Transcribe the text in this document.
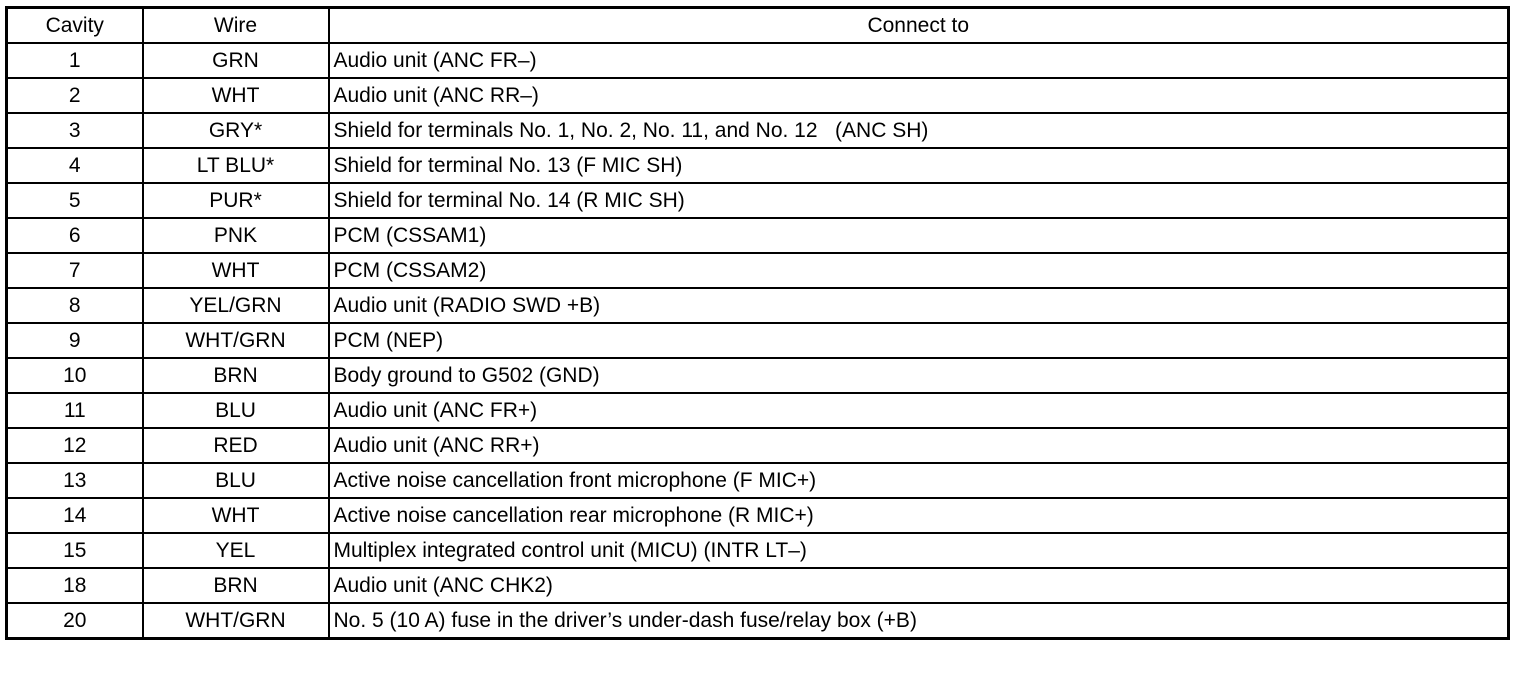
Cavity	Wire	Connect to
1	GRN	Audio unit (ANC FR–)
2	WHT	Audio unit (ANC RR–)
3	GRY*	Shield for terminals No. 1, No. 2, No. 11, and No. 12   (ANC SH)
4	LT BLU*	Shield for terminal No. 13 (F MIC SH)
5	PUR*	Shield for terminal No. 14 (R MIC SH)
6	PNK	PCM (CSSAM1)
7	WHT	PCM (CSSAM2)
8	YEL/GRN	Audio unit (RADIO SWD +B)
9	WHT/GRN	PCM (NEP)
10	BRN	Body ground to G502 (GND)
11	BLU	Audio unit (ANC FR+)
12	RED	Audio unit (ANC RR+)
13	BLU	Active noise cancellation front microphone (F MIC+)
14	WHT	Active noise cancellation rear microphone (R MIC+)
15	YEL	Multiplex integrated control unit (MICU) (INTR LT–)
18	BRN	Audio unit (ANC CHK2)
20	WHT/GRN	No. 5 (10 A) fuse in the driver’s under-dash fuse/relay box (+B)
